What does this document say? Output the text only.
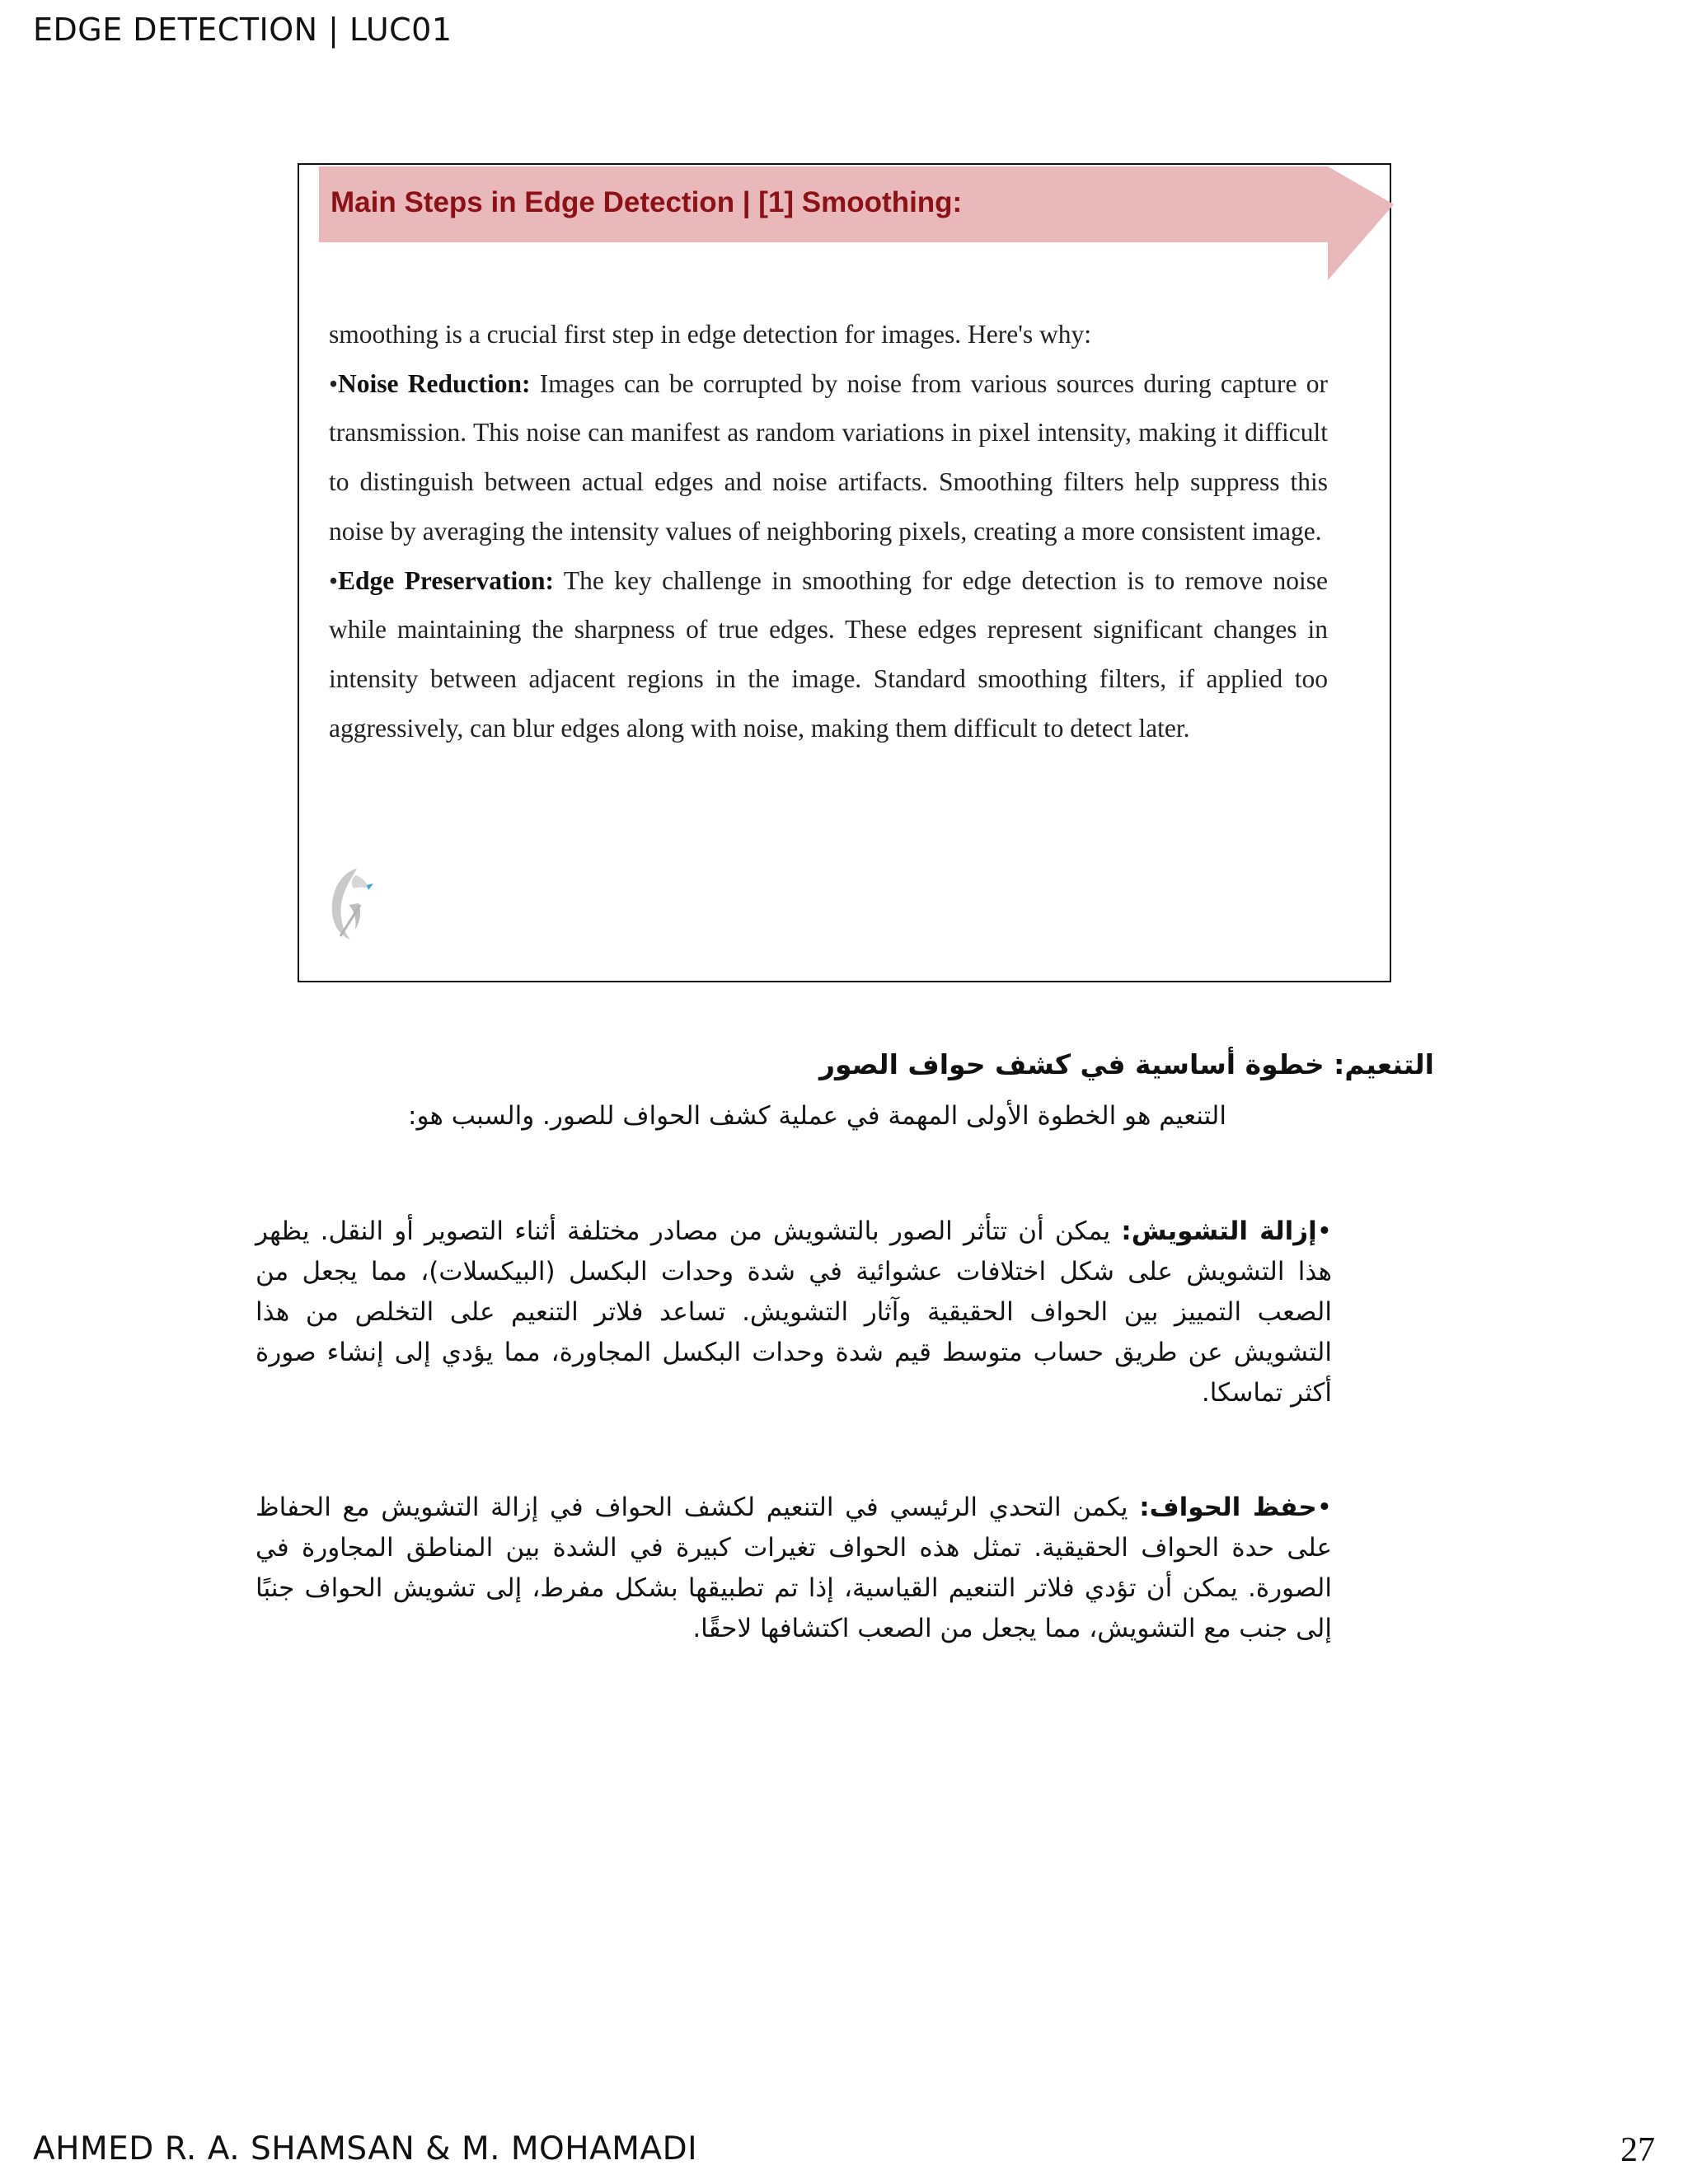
EDGE DETECTION | LUC01
Main Steps in Edge Detection | [1] Smoothing:

smoothing is a crucial first step in edge detection for images. Here's why:

•Noise Reduction: Images can be corrupted by noise from various sources during capture or transmission. This noise can manifest as random variations in pixel intensity, making it difficult to distinguish between actual edges and noise artifacts. Smoothing filters help suppress this noise by averaging the intensity values of neighboring pixels, creating a more consistent image.

•Edge Preservation: The key challenge in smoothing for edge detection is to remove noise while maintaining the sharpness of true edges. These edges represent significant changes in intensity between adjacent regions in the image. Standard smoothing filters, if applied too aggressively, can blur edges along with noise, making them difficult to detect later.

التنعيم: خطوة أساسية في كشف حواف الصور
التنعيم هو الخطوة الأولى المهمة في عملية كشف الحواف للصور. والسبب هو:
•إزالة التشويش: يمكن أن تتأثر الصور بالتشويش من مصادر مختلفة أثناء التصوير أو النقل. يظهر هذا التشويش على شكل اختلافات عشوائية في شدة وحدات البكسل (البيكسلات)، مما يجعل من الصعب التمييز بين الحواف الحقيقية وآثار التشويش. تساعد فلاتر التنعيم على التخلص من هذا التشويش عن طريق حساب متوسط قيم شدة وحدات البكسل المجاورة، مما يؤدي إلى إنشاء صورة أكثر تماسكا.
•حفظ الحواف: يكمن التحدي الرئيسي في التنعيم لكشف الحواف في إزالة التشويش مع الحفاظ على حدة الحواف الحقيقية. تمثل هذه الحواف تغيرات كبيرة في الشدة بين المناطق المجاورة في الصورة. يمكن أن تؤدي فلاتر التنعيم القياسية، إذا تم تطبيقها بشكل مفرط، إلى تشويش الحواف جنبًا إلى جنب مع التشويش، مما يجعل من الصعب اكتشافها لاحقًا.
AHMED R. A. SHAMSAN & M. MOHAMADI	27
